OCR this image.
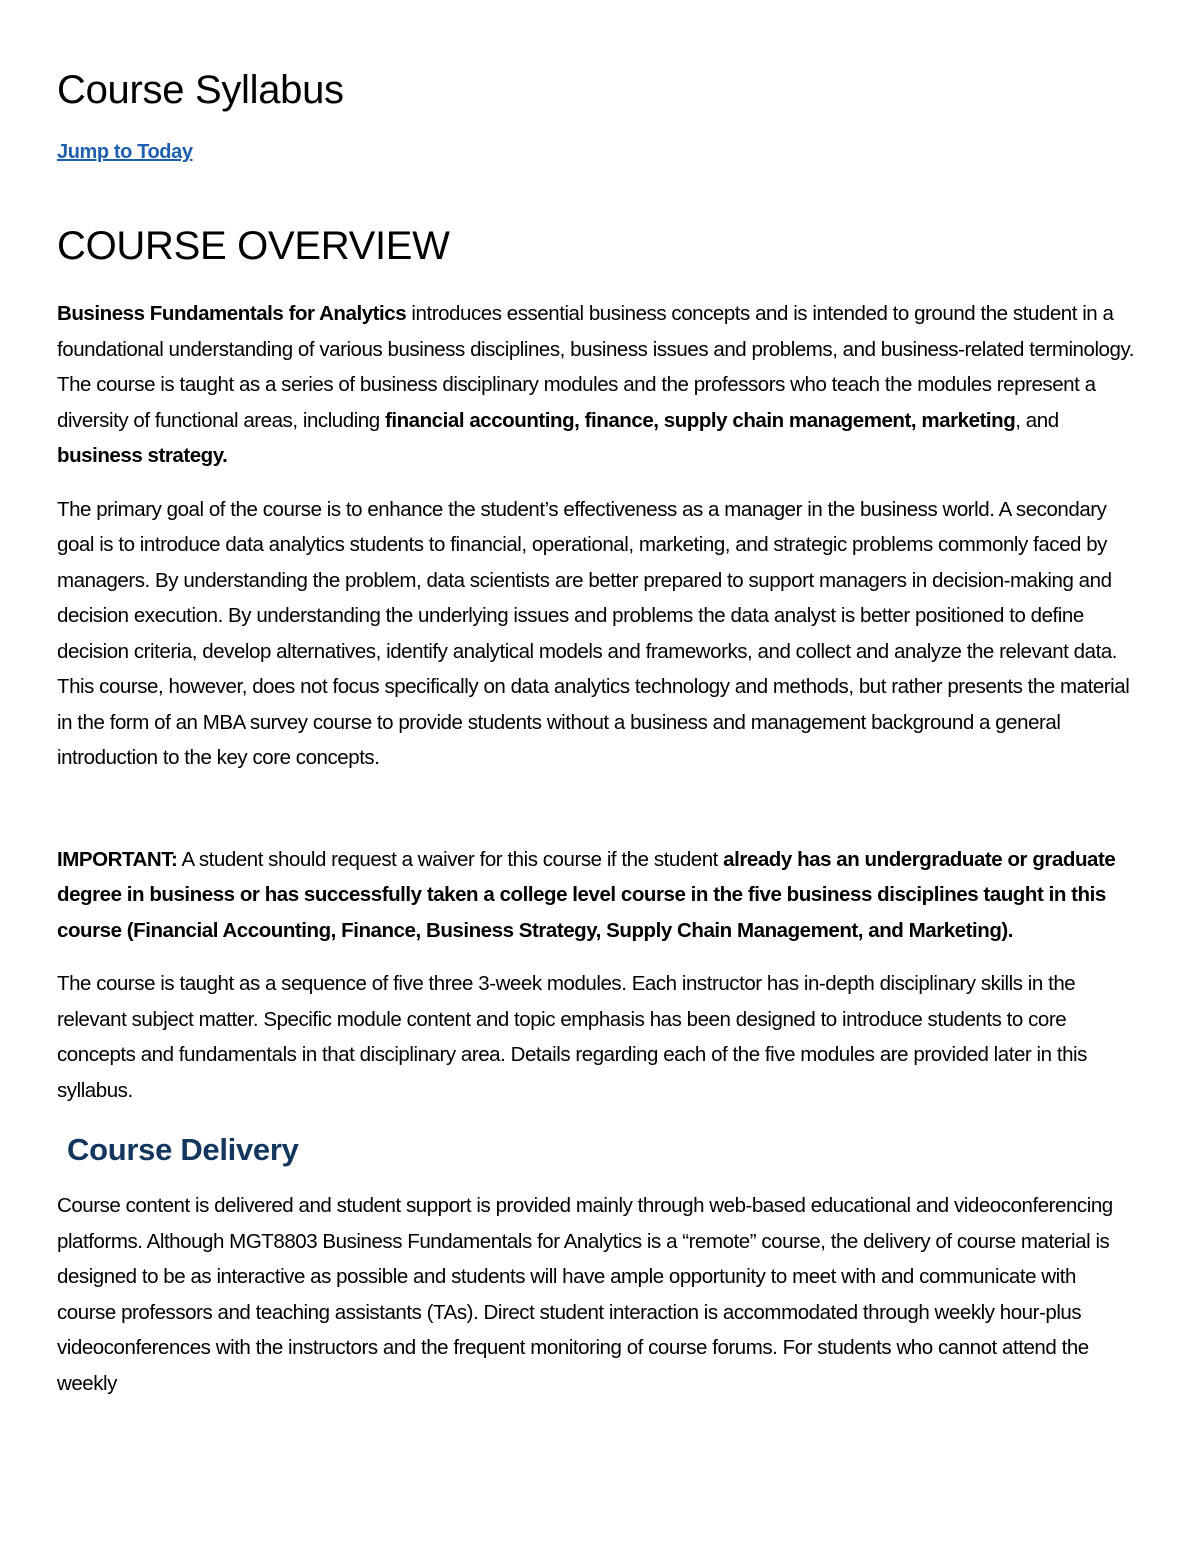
Course Syllabus
Jump to Today
COURSE OVERVIEW

Business Fundamentals for Analytics introduces essential business concepts and is intended to ground the student in a foundational understanding of various business disciplines, business issues and problems, and business-related terminology. The course is taught as a series of business disciplinary modules and the professors who teach the modules represent a diversity of functional areas, including financial accounting, finance, supply chain management, marketing, and business strategy.

The primary goal of the course is to enhance the student’s effectiveness as a manager in the business world. A secondary goal is to introduce data analytics students to financial, operational, marketing, and strategic problems commonly faced by managers. By understanding the problem, data scientists are better prepared to support managers in decision-making and decision execution. By understanding the underlying issues and problems the data analyst is better positioned to define decision criteria, develop alternatives, identify analytical models and frameworks, and collect and analyze the relevant data. This course, however, does not focus specifically on data analytics technology and methods, but rather presents the material in the form of an MBA survey course to provide students without a business and management background a general introduction to the key core concepts.

IMPORTANT: A student should request a waiver for this course if the student already has an undergraduate or graduate degree in business or has successfully taken a college level course in the five business disciplines taught in this course (Financial Accounting, Finance, Business Strategy, Supply Chain Management, and Marketing).

The course is taught as a sequence of five three 3-week modules. Each instructor has in-depth disciplinary skills in the relevant subject matter. Specific module content and topic emphasis has been designed to introduce students to core concepts and fundamentals in that disciplinary area. Details regarding each of the five modules are provided later in this syllabus.

Course Delivery

Course content is delivered and student support is provided mainly through web-based educational and videoconferencing platforms. Although MGT8803 Business Fundamentals for Analytics is a “remote” course, the delivery of course material is designed to be as interactive as possible and students will have ample opportunity to meet with and communicate with course professors and teaching assistants (TAs). Direct student interaction is accommodated through weekly hour-plus videoconferences with the instructors and the frequent monitoring of course forums. For students who cannot attend the weekly
